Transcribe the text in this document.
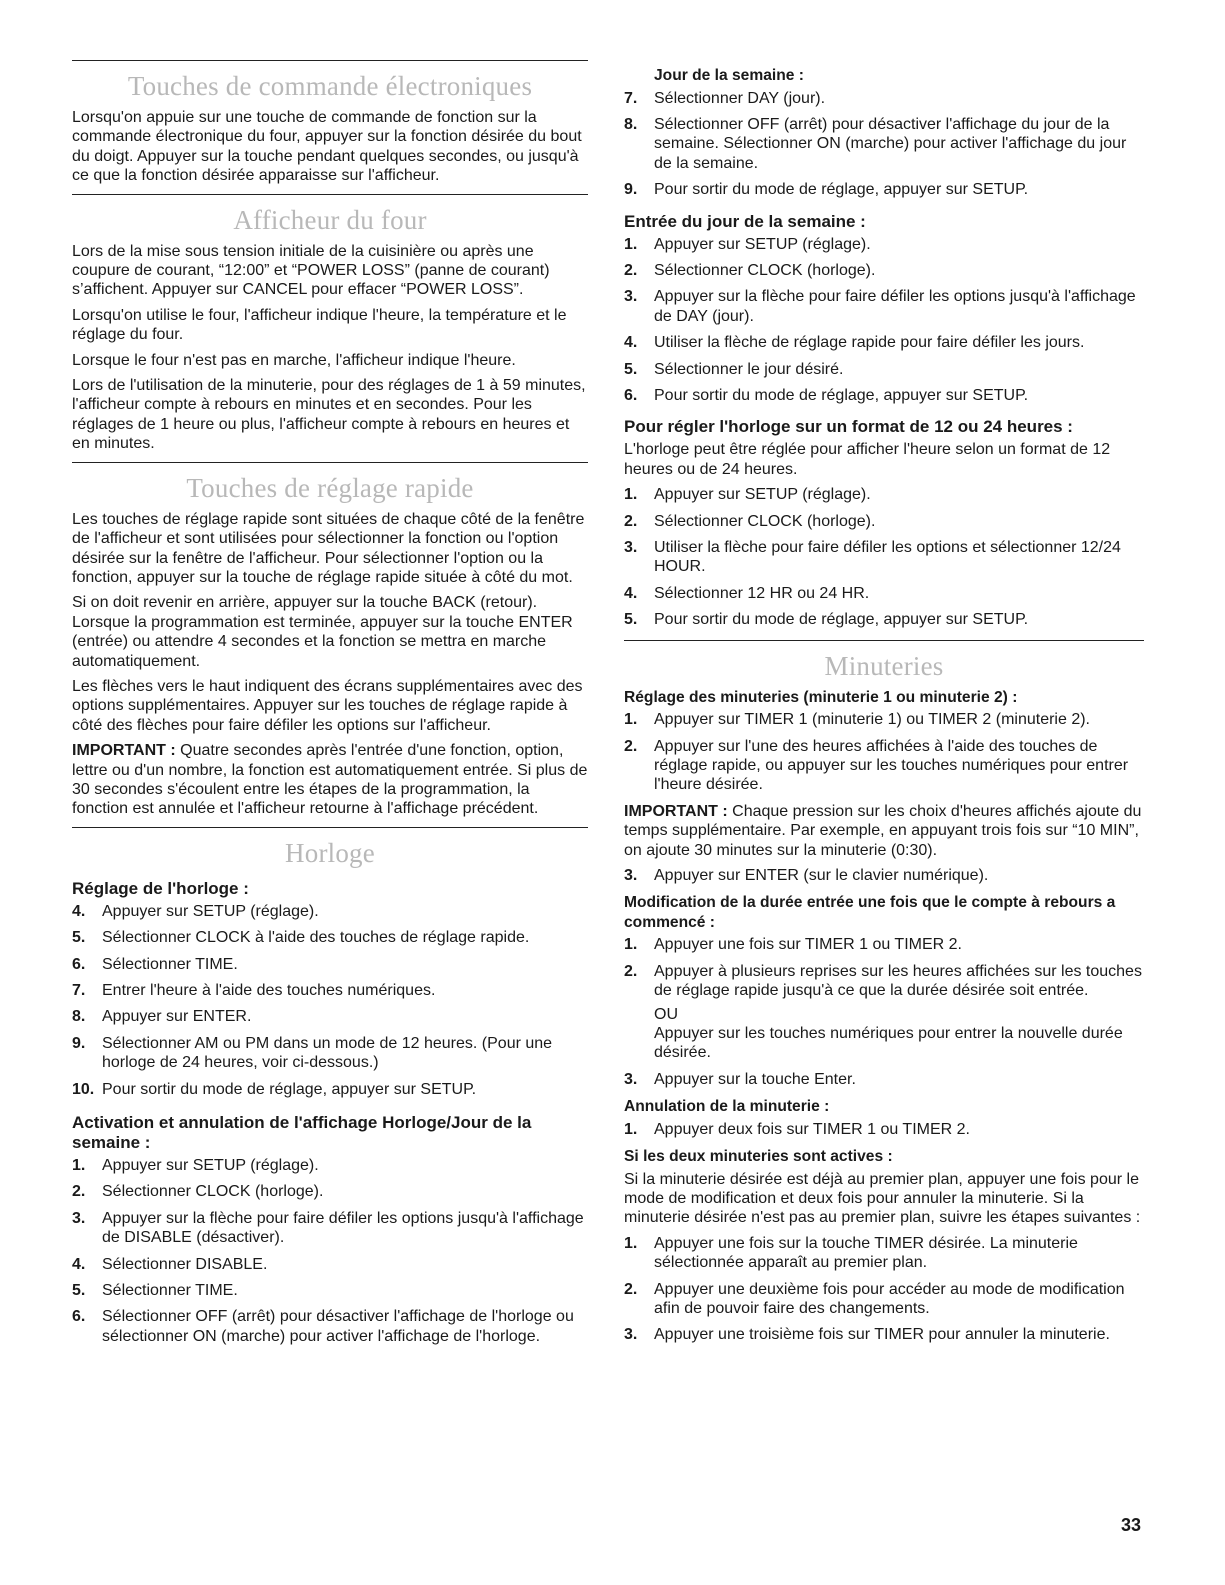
Touches de commande électroniques

Lorsqu'on appuie sur une touche de commande de fonction sur la commande électronique du four, appuyer sur la fonction désirée du bout du doigt. Appuyer sur la touche pendant quelques secondes, ou jusqu'à ce que la fonction désirée apparaisse sur l'afficheur.

Afficheur du four

Lors de la mise sous tension initiale de la cuisinière ou après une coupure de courant, “12:00” et “POWER LOSS” (panne de courant) s’affichent. Appuyer sur CANCEL pour effacer “POWER LOSS”.

Lorsqu'on utilise le four, l'afficheur indique l'heure, la température et le réglage du four.

Lorsque le four n'est pas en marche, l'afficheur indique l'heure.

Lors de l'utilisation de la minuterie, pour des réglages de 1 à 59 minutes, l'afficheur compte à rebours en minutes et en secondes. Pour les réglages de 1 heure ou plus, l'afficheur compte à rebours en heures et en minutes.

Touches de réglage rapide

Les touches de réglage rapide sont situées de chaque côté de la fenêtre de l'afficheur et sont utilisées pour sélectionner la fonction ou l'option désirée sur la fenêtre de l'afficheur. Pour sélectionner l'option ou la fonction, appuyer sur la touche de réglage rapide située à côté du mot.

Si on doit revenir en arrière, appuyer sur la touche BACK (retour). Lorsque la programmation est terminée, appuyer sur la touche ENTER (entrée) ou attendre 4 secondes et la fonction se mettra en marche automatiquement.

Les flèches vers le haut indiquent des écrans supplémentaires avec des options supplémentaires. Appuyer sur les touches de réglage rapide à côté des flèches pour faire défiler les options sur l'afficheur.

IMPORTANT : Quatre secondes après l'entrée d'une fonction, option, lettre ou d'un nombre, la fonction est automatiquement entrée. Si plus de 30 secondes s'écoulent entre les étapes de la programmation, la fonction est annulée et l'afficheur retourne à l'affichage précédent.

Horloge
Réglage de l'horloge :
4. Appuyer sur SETUP (réglage).
5. Sélectionner CLOCK à l'aide des touches de réglage rapide.
6. Sélectionner TIME.
7. Entrer l'heure à l'aide des touches numériques.
8. Appuyer sur ENTER.
9. Sélectionner AM ou PM dans un mode de 12 heures. (Pour une horloge de 24 heures, voir ci-dessous.)
10. Pour sortir du mode de réglage, appuyer sur SETUP.
Activation et annulation de l'affichage Horloge/Jour de la semaine :
1. Appuyer sur SETUP (réglage).
2. Sélectionner CLOCK (horloge).
3. Appuyer sur la flèche pour faire défiler les options jusqu'à l'affichage de DISABLE (désactiver).
4. Sélectionner DISABLE.
5. Sélectionner TIME.
6. Sélectionner OFF (arrêt) pour désactiver l'affichage de l'horloge ou sélectionner ON (marche) pour activer l'affichage de l'horloge.
Jour de la semaine :
7. Sélectionner DAY (jour).
8. Sélectionner OFF (arrêt) pour désactiver l'affichage du jour de la semaine. Sélectionner ON (marche) pour activer l'affichage du jour de la semaine.
9. Pour sortir du mode de réglage, appuyer sur SETUP.
Entrée du jour de la semaine :
1. Appuyer sur SETUP (réglage).
2. Sélectionner CLOCK (horloge).
3. Appuyer sur la flèche pour faire défiler les options jusqu'à l'affichage de DAY (jour).
4. Utiliser la flèche de réglage rapide pour faire défiler les jours.
5. Sélectionner le jour désiré.
6. Pour sortir du mode de réglage, appuyer sur SETUP.
Pour régler l'horloge sur un format de 12 ou 24 heures :

L'horloge peut être réglée pour afficher l'heure selon un format de 12 heures ou de 24 heures.

1. Appuyer sur SETUP (réglage).
2. Sélectionner CLOCK (horloge).
3. Utiliser la flèche pour faire défiler les options et sélectionner 12/24 HOUR.
4. Sélectionner 12 HR ou 24 HR.
5. Pour sortir du mode de réglage, appuyer sur SETUP.
Minuteries
Réglage des minuteries (minuterie 1 ou minuterie 2) :
1. Appuyer sur TIMER 1 (minuterie 1) ou TIMER 2 (minuterie 2).
2. Appuyer sur l'une des heures affichées à l'aide des touches de réglage rapide, ou appuyer sur les touches numériques pour entrer l'heure désirée.

IMPORTANT : Chaque pression sur les choix d'heures affichés ajoute du temps supplémentaire. Par exemple, en appuyant trois fois sur “10 MIN”, on ajoute 30 minutes sur la minuterie (0:30).

3. Appuyer sur ENTER (sur le clavier numérique).
Modification de la durée entrée une fois que le compte à rebours a commencé :
1. Appuyer une fois sur TIMER 1 ou TIMER 2.
2. Appuyer à plusieurs reprises sur les heures affichées sur les touches de réglage rapide jusqu'à ce que la durée désirée soit entrée.
OU
Appuyer sur les touches numériques pour entrer la nouvelle durée désirée.
3. Appuyer sur la touche Enter.
Annulation de la minuterie :
1. Appuyer deux fois sur TIMER 1 ou TIMER 2.
Si les deux minuteries sont actives :

Si la minuterie désirée est déjà au premier plan, appuyer une fois pour le mode de modification et deux fois pour annuler la minuterie. Si la minuterie désirée n'est pas au premier plan, suivre les étapes suivantes :

1. Appuyer une fois sur la touche TIMER désirée. La minuterie sélectionnée apparaît au premier plan.
2. Appuyer une deuxième fois pour accéder au mode de modification afin de pouvoir faire des changements.
3. Appuyer une troisième fois sur TIMER pour annuler la minuterie.
33
